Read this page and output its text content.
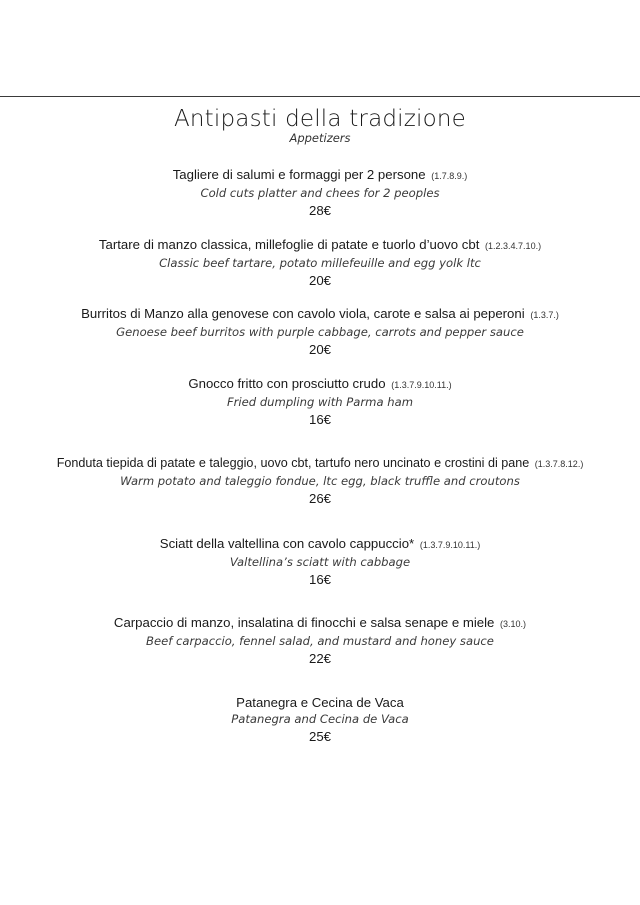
Antipasti della tradizione
Appetizers
Tagliere di salumi e formaggi per 2 persone (1.7.8.9.)
Cold cuts platter and chees for 2 peoples
28€
Tartare di manzo classica, millefoglie di patate e tuorlo d’uovo cbt (1.2.3.4.7.10.)
Classic beef tartare, potato millefeuille and egg yolk ltc
20€
Burritos di Manzo alla genovese con cavolo viola, carote e salsa ai peperoni (1.3.7.)
Genoese beef burritos with purple cabbage, carrots and pepper sauce
20€
Gnocco fritto con prosciutto crudo (1.3.7.9.10.11.)
Fried dumpling with Parma ham
16€
Fonduta tiepida di patate e taleggio, uovo cbt, tartufo nero uncinato e crostini di pane (1.3.7.8.12.)
Warm potato and taleggio fondue, ltc egg, black truffle and croutons
26€
Sciatt della valtellina con cavolo cappuccio* (1.3.7.9.10.11.)
Valtellina’s sciatt with cabbage
16€
Carpaccio di manzo, insalatina di finocchi e salsa senape e miele (3.10.)
Beef carpaccio, fennel salad, and mustard and honey sauce
22€
Patanegra e Cecina de Vaca
Patanegra and Cecina de Vaca
25€
